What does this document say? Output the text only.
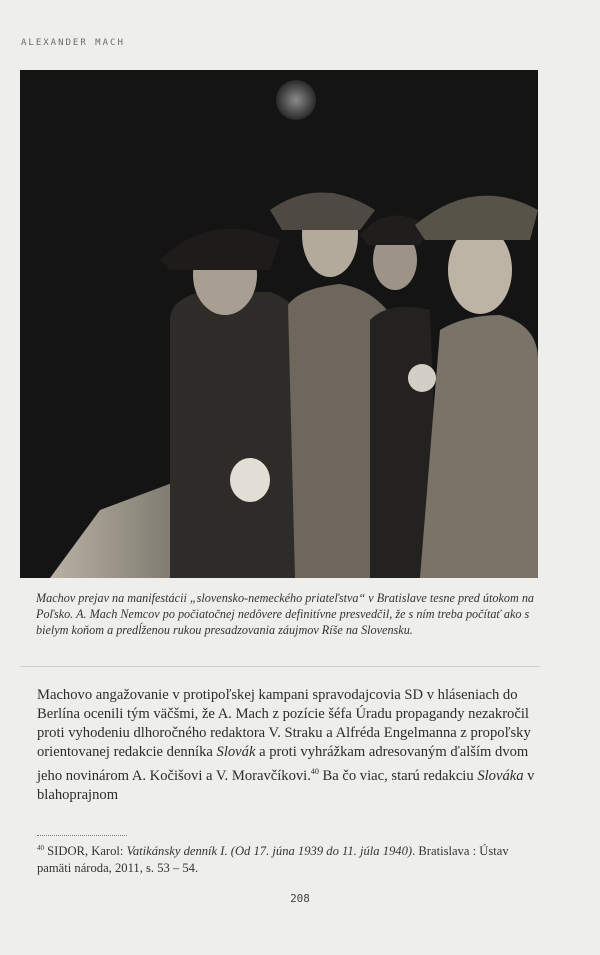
ALEXANDER MACH
Machov prejav na manifestácii „slovensko-nemeckého priateľstva“ v Bratislave tesne pred útokom na Poľsko. A. Mach Nemcov po počiatočnej nedôvere definitívne presvedčil, že s ním treba počítať ako s bielym koňom a predĺženou rukou presadzovania záujmov Ríše na Slovensku.

Machovo angažovanie v protipoľskej kampani spravodajcovia SD v hláseniach do Berlína ocenili tým väčšmi, že A. Mach z pozície šéfa Úradu propagandy nezakročil proti vyhodeniu dlhoročného redaktora V. Straku a Alfréda Engelmanna z propoľsky orientovanej redakcie denníka Slovák a proti vyhrážkam adresovaným ďalším dvom jeho novinárom A. Kočišovi a V. Moravčíkovi.$^{40}$ Ba čo viac, starú redakciu Slováka v blahoprajnom

$^{40}$ SIDOR, Karol: Vatikánsky denník I. (Od 17. júna 1939 do 11. júla 1940). Bratislava : Ústav pamäti národa, 2011, s. 53 – 54.
208
